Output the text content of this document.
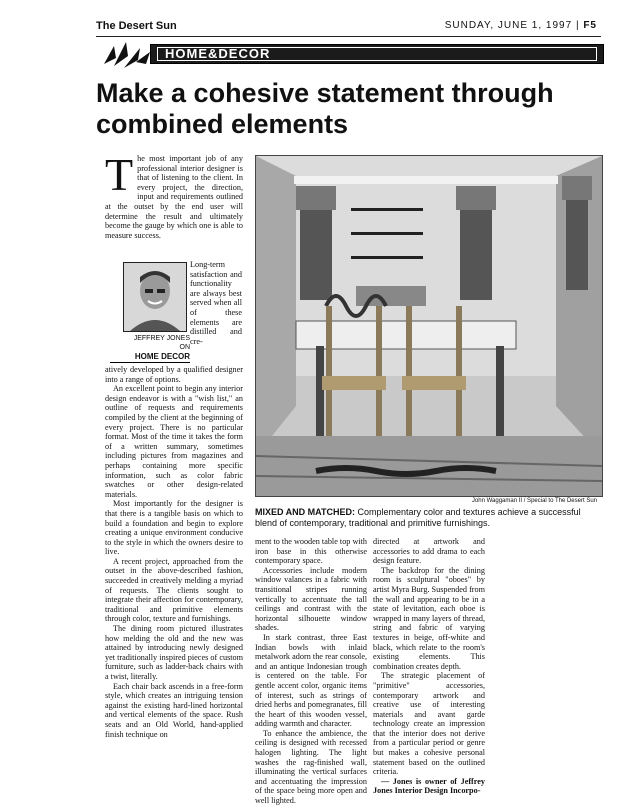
The Desert Sun	SUNDAY, JUNE 1, 1997 | F5
HOME&DECOR
Make a cohesive statement through combined elements
T he most important job of any professional interior designer is that of listening to the client. In every project, the direction, input and requirements outlined at the outset by the end user will determine the result and ultimately become the gauge by which one is able to measure success.
JEFFREY JONES
ON
HOME DECOR
Long-term satisfaction and functionality are always best served when all of these elements are distilled and cre-

atively developed by a qualified designer into a range of options.

An excellent point to begin any interior design endeavor is with a "wish list," an outline of requests and requirements compiled by the client at the beginning of every project. There is no particular format. Most of the time it takes the form of a written summary, sometimes including pictures from magazines and perhaps containing more specific information, such as color fabric swatches or other design-related materials.

Most importantly for the designer is that there is a tangible basis on which to build a foundation and begin to explore creating a unique environment conducive to the style in which the owners desire to live.

A recent project, approached from the outset in the above-described fashion, succeeded in creatively melding a myriad of requests. The clients sought to integrate their affection for contemporary, traditional and primitive elements through color, texture and furnishings.

The dining room pictured illustrates how melding the old and the new was attained by introducing newly designed yet traditionally inspired pieces of custom furniture, such as ladder-back chairs with a twist, literally.

Each chair back ascends in a free-form style, which creates an intriguing tension against the existing hard-lined horizontal and vertical elements of the space. Rush seats and an Old World, hand-applied finish technique on

John Waggaman II / Special to The Desert Sun
MIXED AND MATCHED: Complementary color and textures achieve a successful blend of contemporary, traditional and primitive furnishings.

ment to the wooden table top with iron base in this otherwise contemporary space.

Accessories include modern window valances in a fabric with transitional stripes running vertically to accentuate the tall ceilings and contrast with the horizontal silhouette window shades.

In stark contrast, three East Indian bowls with inlaid metalwork adorn the rear console, and an antique Indonesian trough is centered on the table. For gentle accent color, organic items of interest, such as strings of dried herbs and pomegranates, fill the heart of this wooden vessel, adding warmth and character.

To enhance the ambience, the ceiling is designed with recessed halogen lighting. The light washes the rag-finished wall, illuminating the vertical surfaces and accentuating the impression of the space being more open and well lighted.

directed at artwork and accessories to add drama to each design feature.

The backdrop for the dining room is sculptural "oboes" by artist Myra Burg. Suspended from the wall and appearing to be in a state of levitation, each oboe is wrapped in many layers of thread, string and fabric of varying textures in beige, off-white and black, which relate to the room's existing elements. This combination creates depth.

The strategic placement of "primitive" accessories, contemporary artwork and creative use of interesting materials and avant garde technology create an impression that the interior does not derive from a particular period or genre but makes a cohesive personal statement based on the outlined criteria.

— Jones is owner of Jeffrey Jones Interior Design Incorpo-
